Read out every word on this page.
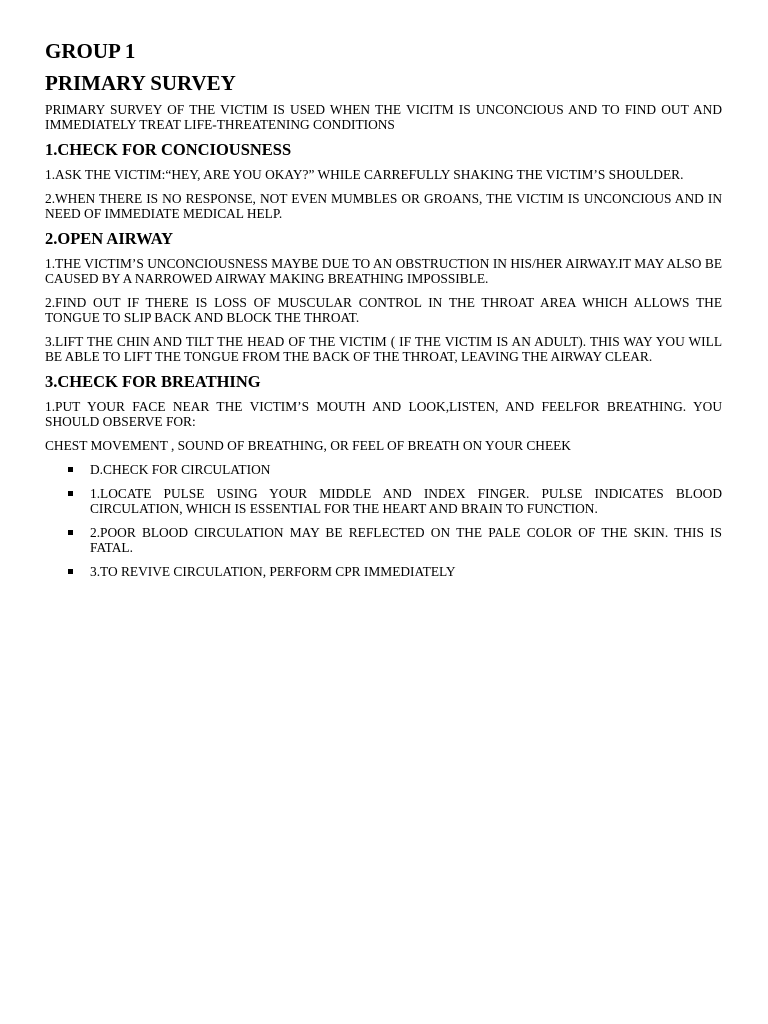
GROUP 1
PRIMARY SURVEY

PRIMARY SURVEY OF THE VICTIM IS USED WHEN THE VICITM IS UNCONCIOUS AND TO FIND OUT AND IMMEDIATELY TREAT LIFE-THREATENING CONDITIONS

1.CHECK FOR CONCIOUSNESS

1.ASK THE VICTIM:“HEY, ARE YOU OKAY?” WHILE CARREFULLY SHAKING THE VICTIM’S SHOULDER.

2.WHEN THERE IS NO RESPONSE, NOT EVEN MUMBLES OR GROANS, THE VICTIM IS UNCONCIOUS AND IN NEED OF IMMEDIATE MEDICAL HELP.

2.OPEN AIRWAY

1.THE VICTIM’S UNCONCIOUSNESS MAYBE DUE TO AN OBSTRUCTION IN HIS/HER AIRWAY.IT MAY ALSO BE CAUSED BY A NARROWED AIRWAY MAKING BREATHING IMPOSSIBLE.

2.FIND OUT IF THERE IS LOSS OF MUSCULAR CONTROL IN THE THROAT AREA WHICH ALLOWS THE TONGUE TO SLIP BACK AND BLOCK THE THROAT.

3.LIFT THE CHIN AND TILT THE HEAD OF THE VICTIM ( IF THE VICTIM IS AN ADULT). THIS WAY YOU WILL BE ABLE TO LIFT THE TONGUE FROM THE BACK OF THE THROAT, LEAVING THE AIRWAY CLEAR.

3.CHECK FOR BREATHING

1.PUT YOUR FACE NEAR THE VICTIM’S MOUTH AND LOOK,LISTEN, AND FEELFOR BREATHING. YOU SHOULD OBSERVE FOR:

CHEST MOVEMENT , SOUND OF BREATHING, OR FEEL OF BREATH ON YOUR CHEEK

D.CHECK FOR CIRCULATION
1.LOCATE PULSE USING YOUR MIDDLE AND INDEX FINGER. PULSE INDICATES BLOOD CIRCULATION, WHICH IS ESSENTIAL FOR THE HEART AND BRAIN TO FUNCTION.
2.POOR BLOOD CIRCULATION MAY BE REFLECTED ON THE PALE COLOR OF THE SKIN. THIS IS FATAL.
3.TO REVIVE CIRCULATION, PERFORM CPR IMMEDIATELY
